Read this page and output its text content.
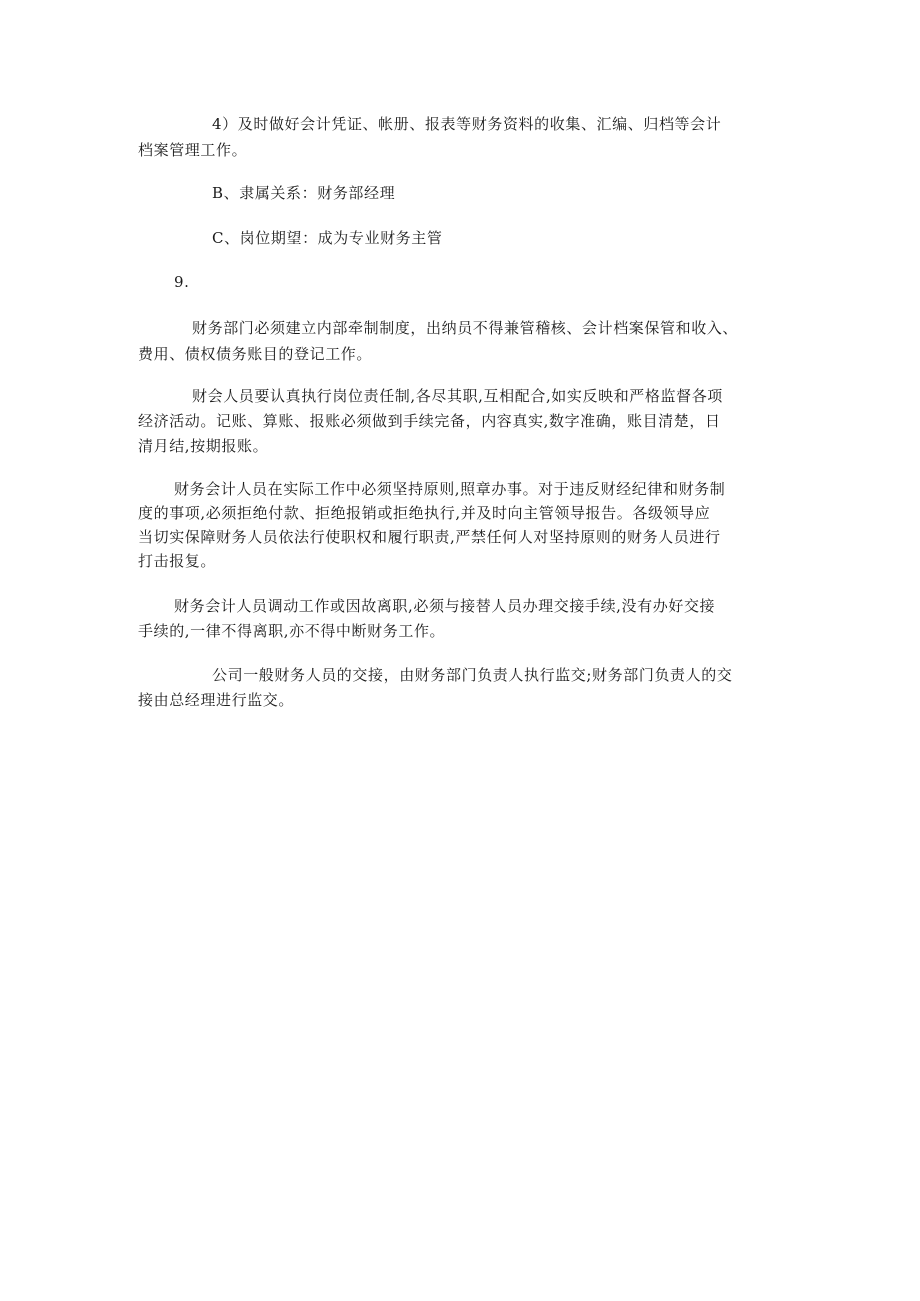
4）及时做好会计凭证、帐册、报表等财务资料的收集、汇编、归档等会计
档案管理工作。
B、隶属关系：财务部经理
C、岗位期望：成为专业财务主管
9.
财务部门必须建立内部牵制制度，出纳员不得兼管稽核、会计档案保管和收入、
费用、债权债务账目的登记工作。
财会人员要认真执行岗位责任制,各尽其职,互相配合,如实反映和严格监督各项
经济活动。记账、算账、报账必须做到手续完备，内容真实,数字准确，账目清楚，日
清月结,按期报账。
财务会计人员在实际工作中必须坚持原则,照章办事。对于违反财经纪律和财务制
度的事项,必须拒绝付款、拒绝报销或拒绝执行,并及时向主管领导报告。各级领导应
当切实保障财务人员依法行使职权和履行职责,严禁任何人对坚持原则的财务人员进行
打击报复。
财务会计人员调动工作或因故离职,必须与接替人员办理交接手续,没有办好交接
手续的,一律不得离职,亦不得中断财务工作。
公司一般财务人员的交接，由财务部门负责人执行监交;财务部门负责人的交
接由总经理进行监交。
